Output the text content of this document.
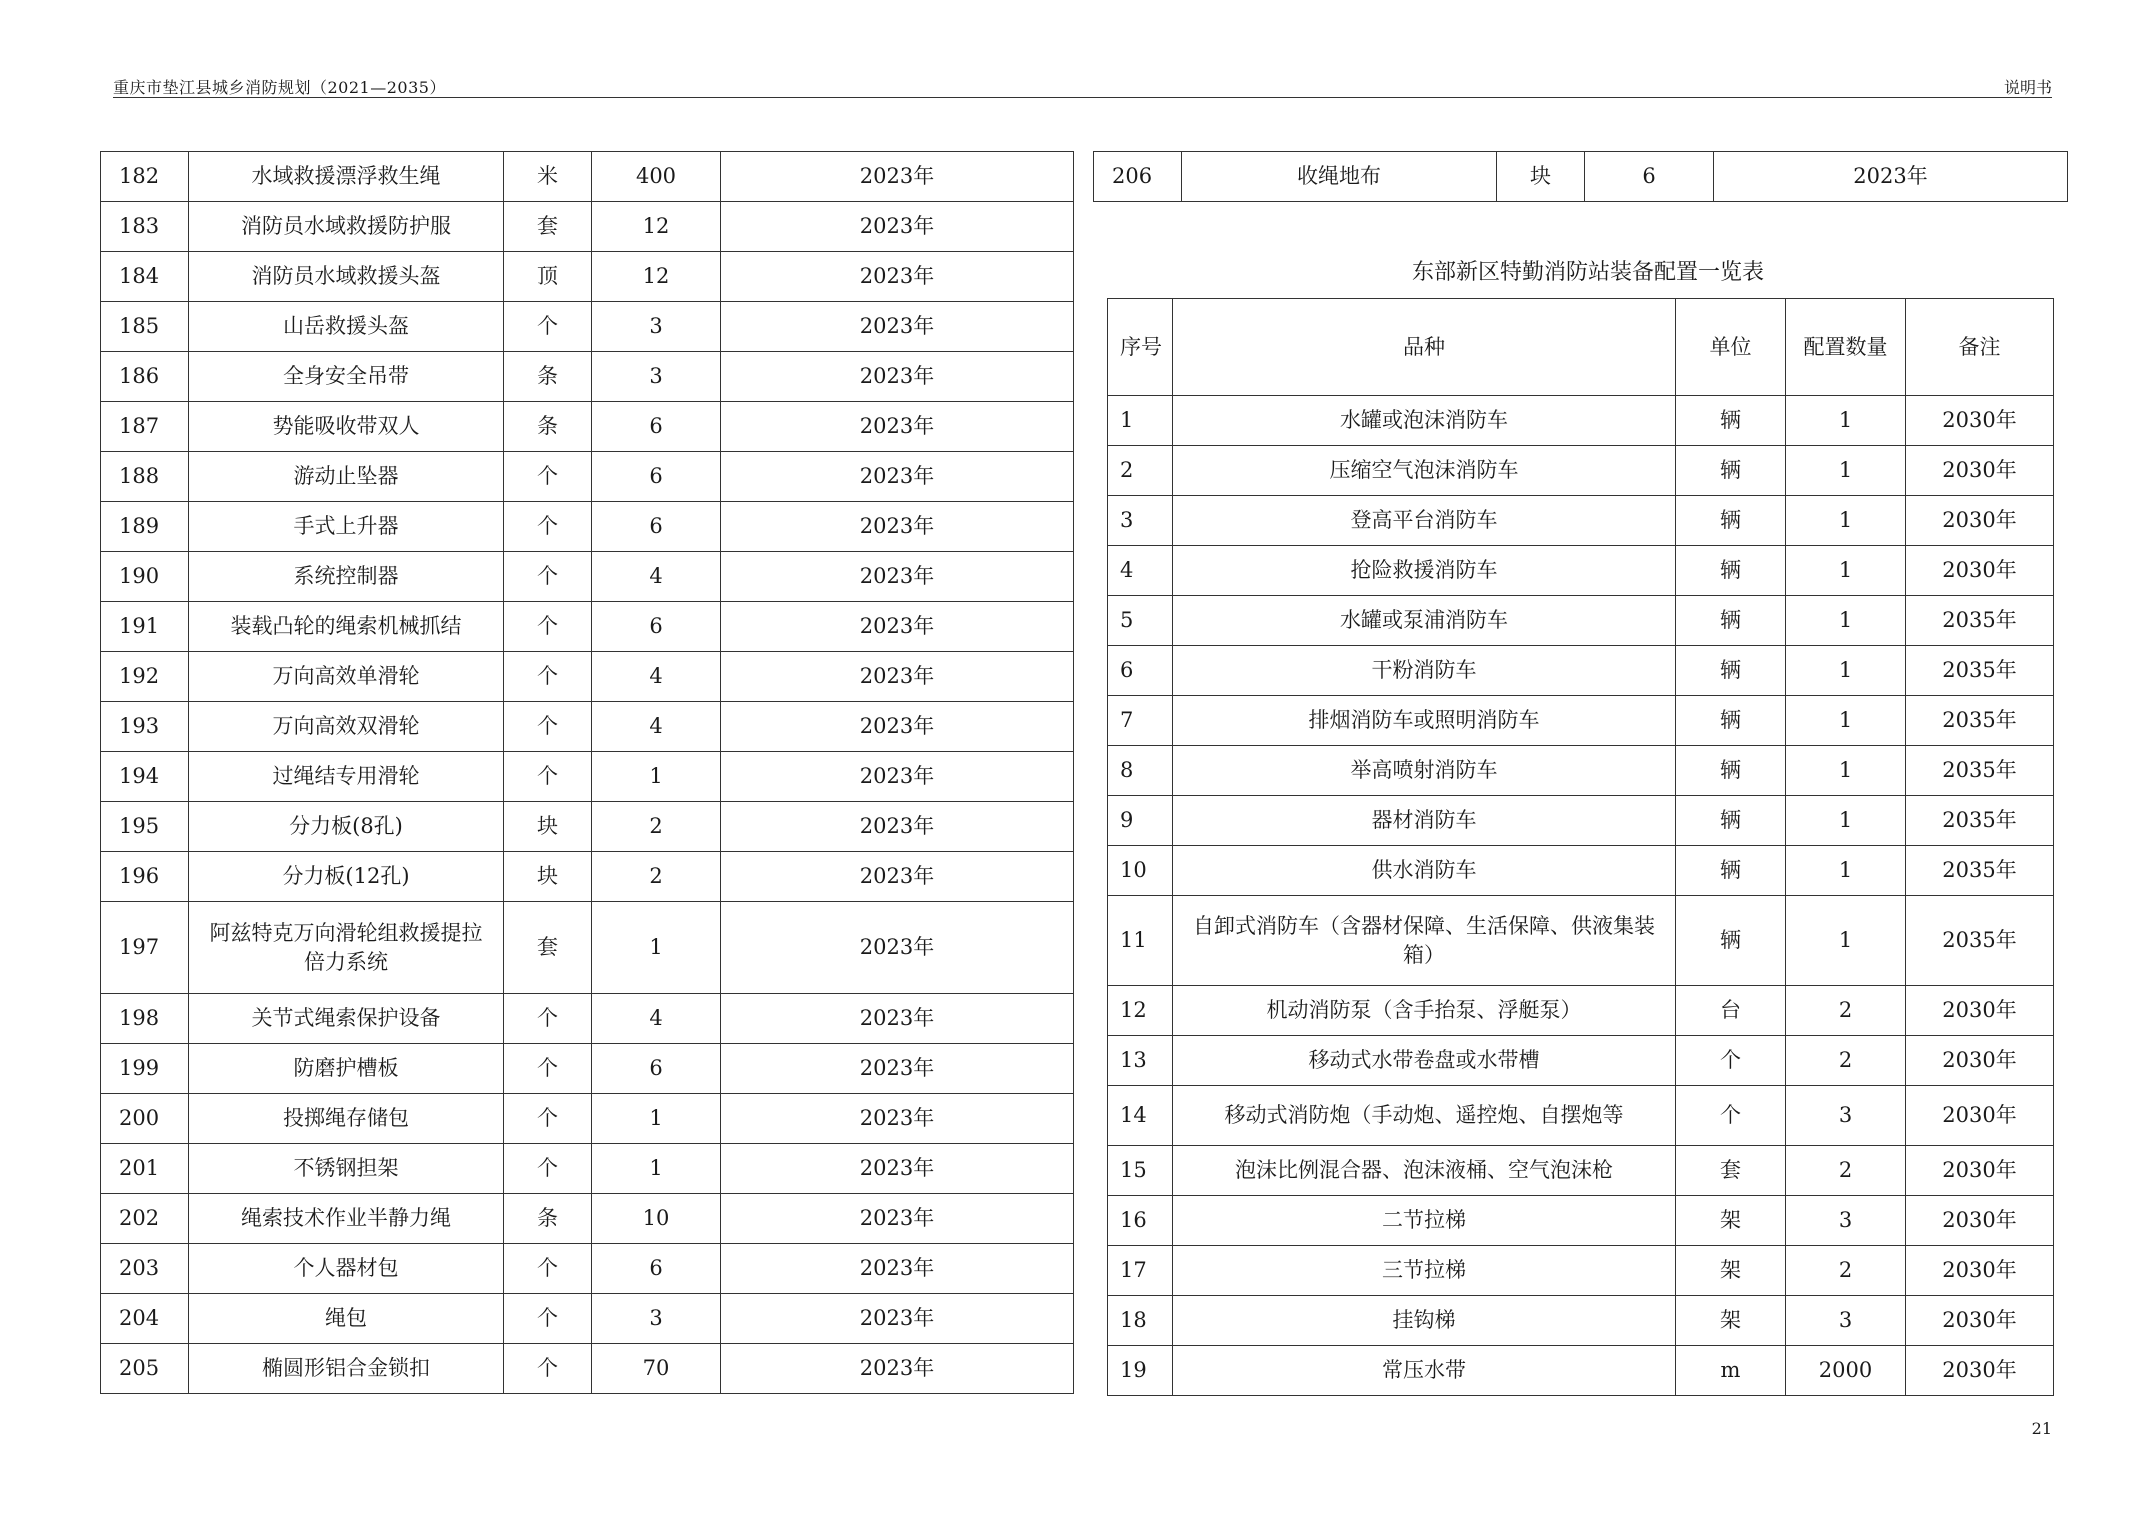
重庆市垫江县城乡消防规划（2021—2035）	说明书
182	水域救援漂浮救生绳	米	400	2023年
183	消防员水域救援防护服	套	12	2023年
184	消防员水域救援头盔	顶	12	2023年
185	山岳救援头盔	个	3	2023年
186	全身安全吊带	条	3	2023年
187	势能吸收带双人	条	6	2023年
188	游动止坠器	个	6	2023年
189	手式上升器	个	6	2023年
190	系统控制器	个	4	2023年
191	装载凸轮的绳索机械抓结	个	6	2023年
192	万向高效单滑轮	个	4	2023年
193	万向高效双滑轮	个	4	2023年
194	过绳结专用滑轮	个	1	2023年
195	分力板(8孔)	块	2	2023年
196	分力板(12孔)	块	2	2023年
197	阿兹特克万向滑轮组救援提拉倍力系统	套	1	2023年
198	关节式绳索保护设备	个	4	2023年
199	防磨护槽板	个	6	2023年
200	投掷绳存储包	个	1	2023年
201	不锈钢担架	个	1	2023年
202	绳索技术作业半静力绳	条	10	2023年
203	个人器材包	个	6	2023年
204	绳包	个	3	2023年
205	椭圆形铝合金锁扣	个	70	2023年
206	收绳地布	块	6	2023年
东部新区特勤消防站装备配置一览表
序号	品种	单位	配置数量	备注
1	水罐或泡沫消防车	辆	1	2030年
2	压缩空气泡沫消防车	辆	1	2030年
3	登高平台消防车	辆	1	2030年
4	抢险救援消防车	辆	1	2030年
5	水罐或泵浦消防车	辆	1	2035年
6	干粉消防车	辆	1	2035年
7	排烟消防车或照明消防车	辆	1	2035年
8	举高喷射消防车	辆	1	2035年
9	器材消防车	辆	1	2035年
10	供水消防车	辆	1	2035年
11	自卸式消防车（含器材保障、生活保障、供液集装箱）	辆	1	2035年
12	机动消防泵（含手抬泵、浮艇泵）	台	2	2030年
13	移动式水带卷盘或水带槽	个	2	2030年
14	移动式消防炮（手动炮、遥控炮、自摆炮等	个	3	2030年
15	泡沫比例混合器、泡沫液桶、空气泡沫枪	套	2	2030年
16	二节拉梯	架	3	2030年
17	三节拉梯	架	2	2030年
18	挂钩梯	架	3	2030年
19	常压水带	m	2000	2030年
21
